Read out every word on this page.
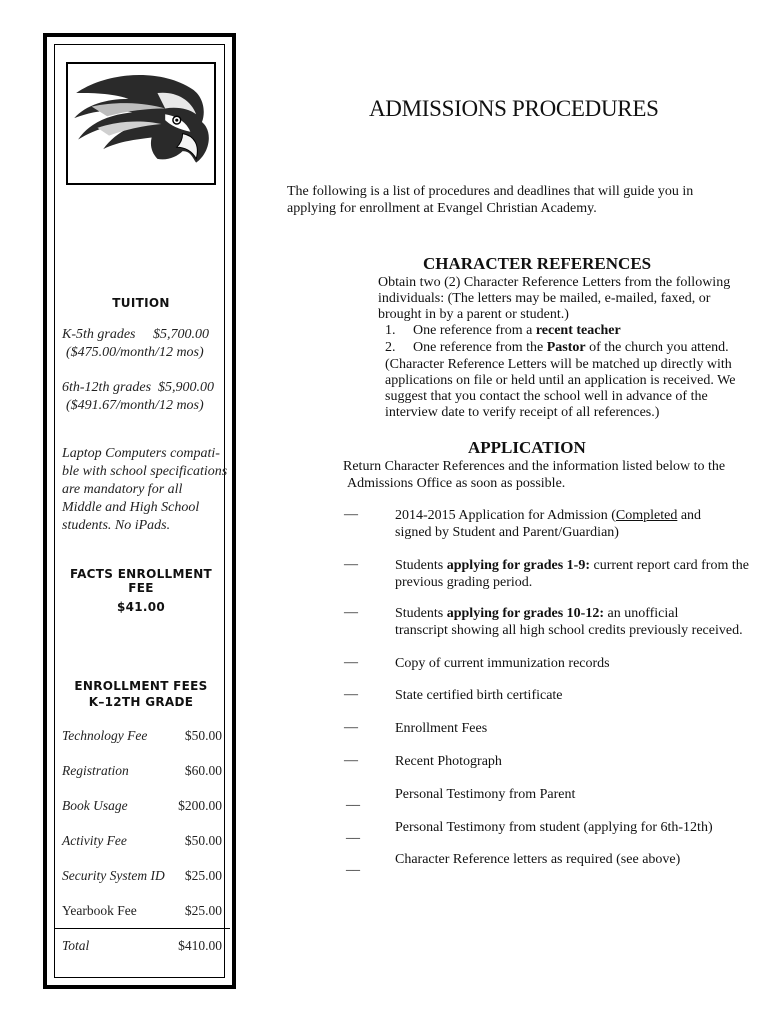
TUITION
K-5th grades     $5,700.00
($475.00/month/12 mos)
6th-12th grades  $5,900.00
($491.67/month/12 mos)
Laptop Computers compati-
ble with school specifications
are mandatory for all
Middle and High School
students. No iPads.
FACTS ENROLLMENT FEE
$41.00
ENROLLMENT FEES
K–12TH GRADE
Technology Fee	$50.00
Registration	$60.00
Book Usage	$200.00
Activity Fee	$50.00
Security System ID $25.00
Yearbook Fee	$25.00
Total	$410.00
ADMISSIONS PROCEDURES
The following is a list of procedures and deadlines that will guide you in
applying for enrollment at Evangel Christian Academy.
CHARACTER REFERENCES
Obtain two (2) Character Reference Letters from the following
individuals: (The letters may be mailed, e-mailed, faxed, or
brought in by a parent or student.)
1. One reference from a recent teacher
2. One reference from the Pastor of the church you attend.
(Character Reference Letters will be matched up directly with
applications on file or held until an application is received. We
suggest that you contact the school well in advance of the
interview date to verify receipt of all references.)
APPLICATION
Return Character References and the information listed below to the
Admissions Office as soon as possible.
—	2014-2015 Application for Admission (Completed and
signed by Student and Parent/Guardian)
—	Students applying for grades 1-9: current report card from the
previous grading period.
—	Students applying for grades 10-12: an unofficial
transcript showing all high school credits previously received.
—	Copy of current immunization records
—	State certified birth certificate
—	Enrollment Fees
—	Recent Photograph
__	Personal Testimony from Parent
__	Personal Testimony from student (applying for 6th-12th)
__	Character Reference letters as required (see above)
